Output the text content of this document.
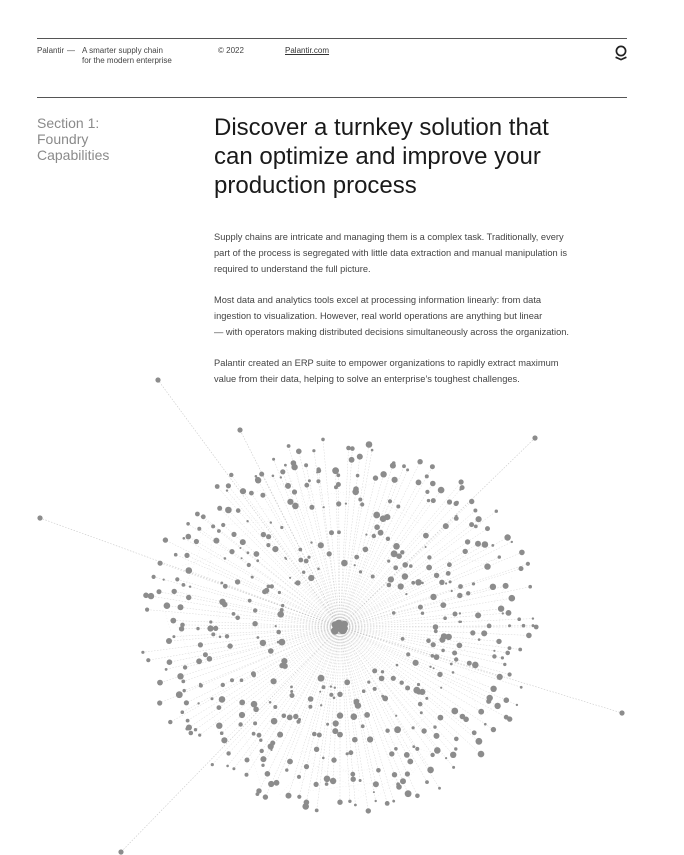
Palantir — A smarter supply chain
for the modern enterprise
© 2022	Palantir.com
Section 1:
Foundry
Capabilities
Discover a turnkey solution that
can optimize and improve your
production process

Supply chains are intricate and managing them is a complex task. Traditionally, every
part of the process is segregated with little data extraction and manual manipulation is
required to understand the full picture.

Most data and analytics tools excel at processing information linearly: from data
ingestion to visualization. However, real world operations are anything but linear
— with operators making distributed decisions simultaneously across the organization.

Palantir created an ERP suite to empower organizations to rapidly extract maximum
value from their data, helping to solve an enterprise’s toughest challenges.
